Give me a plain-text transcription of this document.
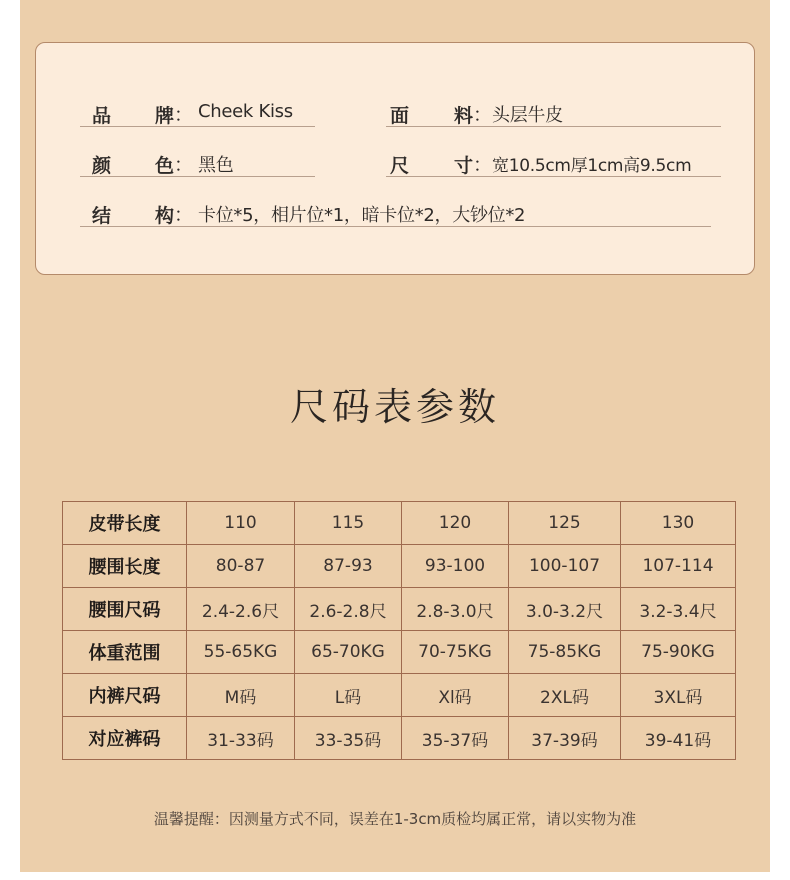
品 牌 ： Cheek Kiss	面 料 ： 头层牛皮
颜 色 ： 黑色	尺 寸 ： 宽10.5cm厚1cm高9.5cm
结 构 ： 卡位*5，相片位*1，暗卡位*2，大钞位*2
尺码表参数
皮带长度	110	115	120	125	130
腰围长度	80-87	87-93	93-100	100-107	107-114
腰围尺码	2.4-2.6尺	2.6-2.8尺	2.8-3.0尺	3.0-3.2尺	3.2-3.4尺
体重范围	55-65KG	65-70KG	70-75KG	75-85KG	75-90KG
内裤尺码	M码	L码	Xl码	2XL码	3XL码
对应裤码	31-33码	33-35码	35-37码	37-39码	39-41码
温馨提醒：因测量方式不同，误差在1-3cm质检均属正常，请以实物为准
